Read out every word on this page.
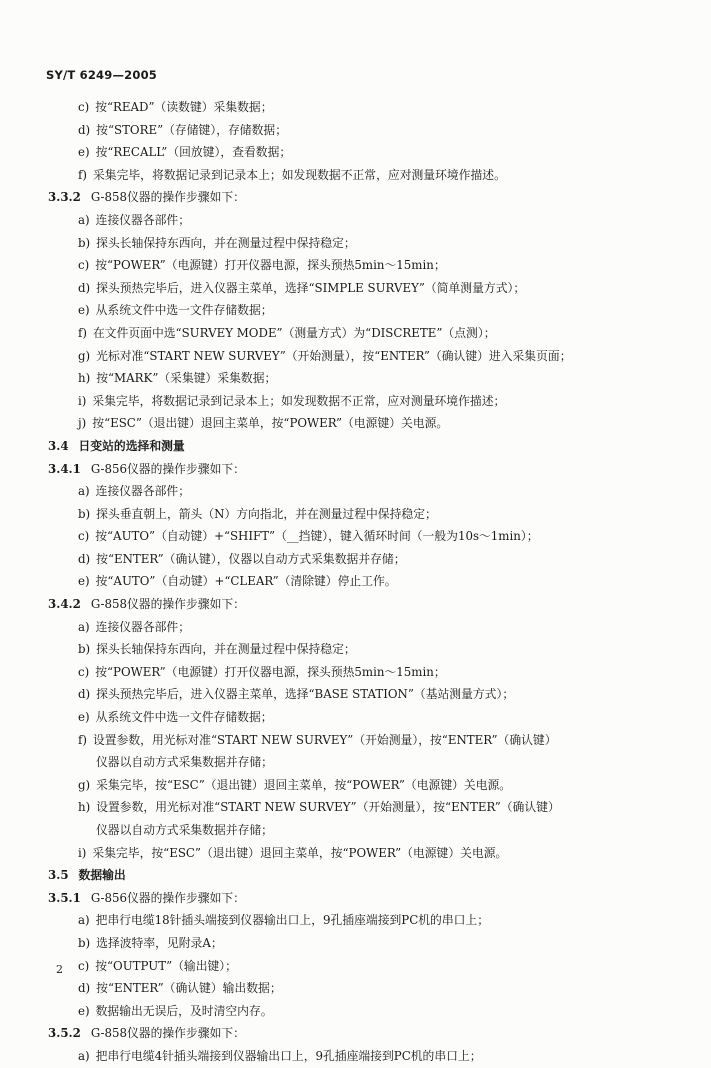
SY/T 6249—2005
c) 按“READ”（读数键）采集数据；
d) 按“STORE”（存储键），存储数据；
e) 按“RECALL”（回放键），查看数据；
f) 采集完毕，将数据记录到记录本上；如发现数据不正常，应对测量环境作描述。
3.3.2 G-858仪器的操作步骤如下：
a) 连接仪器各部件；
b) 探头长轴保持东西向，并在测量过程中保持稳定；
c) 按“POWER”（电源键）打开仪器电源，探头预热5min～15min；
d) 探头预热完毕后，进入仪器主菜单，选择“SIMPLE SURVEY”（简单测量方式）；
e) 从系统文件中选一文件存储数据；
f) 在文件页面中选“SURVEY MODE”（测量方式）为“DISCRETE”（点测）；
g) 光标对准“START NEW SURVEY”（开始测量），按“ENTER”（确认键）进入采集页面；
h) 按“MARK”（采集键）采集数据；
i) 采集完毕，将数据记录到记录本上；如发现数据不正常，应对测量环境作描述；
j) 按“ESC”（退出键）退回主菜单，按“POWER”（电源键）关电源。
3.4 日变站的选择和测量
3.4.1 G-856仪器的操作步骤如下：
a) 连接仪器各部件；
b) 探头垂直朝上，箭头（N）方向指北，并在测量过程中保持稳定；
c) 按“AUTO”（自动键）+“SHIFT”（__挡键），键入循环时间（一般为10s～1min）；
d) 按“ENTER”（确认键），仪器以自动方式采集数据并存储；
e) 按“AUTO”（自动键）+“CLEAR”（清除键）停止工作。
3.4.2 G-858仪器的操作步骤如下：
a) 连接仪器各部件；
b) 探头长轴保持东西向，并在测量过程中保持稳定；
c) 按“POWER”（电源键）打开仪器电源，探头预热5min～15min；
d) 探头预热完毕后，进入仪器主菜单，选择“BASE STATION”（基站测量方式）；
e) 从系统文件中选一文件存储数据；
f) 设置参数，用光标对准“START NEW SURVEY”（开始测量），按“ENTER”（确认键）
仪器以自动方式采集数据并存储；
g) 采集完毕，按“ESC”（退出键）退回主菜单，按“POWER”（电源键）关电源。
h) 设置参数，用光标对准“START NEW SURVEY”（开始测量），按“ENTER”（确认键）
仪器以自动方式采集数据并存储；
i) 采集完毕，按“ESC”（退出键）退回主菜单，按“POWER”（电源键）关电源。
3.5 数据输出
3.5.1 G-856仪器的操作步骤如下：
a) 把串行电缆18针插头端接到仪器输出口上，9孔插座端接到PC机的串口上；
b) 选择波特率，见附录A；
c) 按“OUTPUT”（输出键）；
d) 按“ENTER”（确认键）输出数据；
e) 数据输出无误后，及时清空内存。
3.5.2 G-858仪器的操作步骤如下：
a) 把串行电缆4针插头端接到仪器输出口上，9孔插座端接到PC机的串口上；
2
